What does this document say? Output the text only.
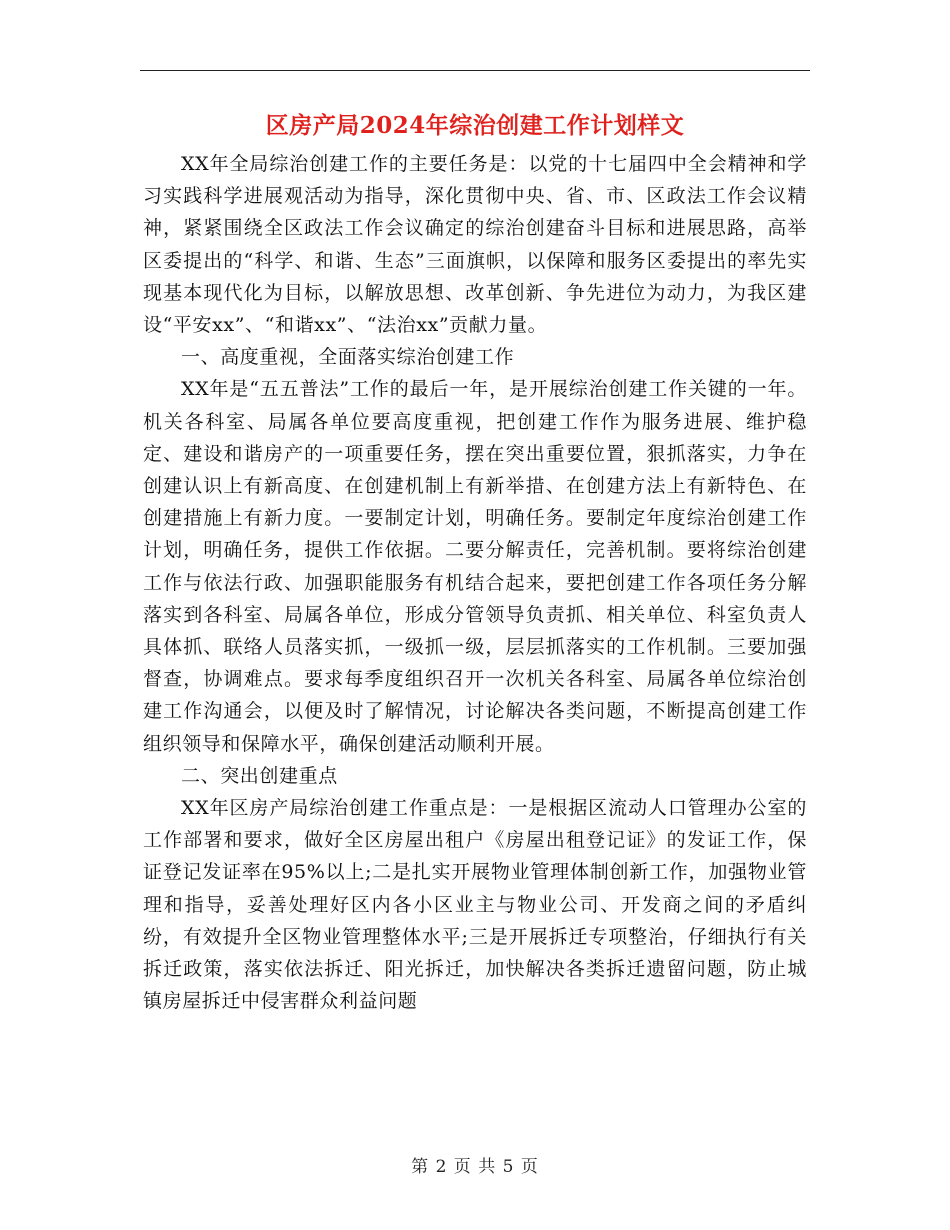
区房产局2024年综治创建工作计划样文

XX年全局综治创建工作的主要任务是：以党的十七届四中全会精神和学习实践科学进展观活动为指导，深化贯彻中央、省、市、区政法工作会议精神，紧紧围绕全区政法工作会议确定的综治创建奋斗目标和进展思路，高举区委提出的“科学、和谐、生态”三面旗帜，以保障和服务区委提出的率先实现基本现代化为目标，以解放思想、改革创新、争先进位为动力，为我区建设“平安xx”、“和谐xx”、“法治xx”贡献力量。

一、高度重视，全面落实综治创建工作

XX年是“五五普法”工作的最后一年，是开展综治创建工作关键的一年。机关各科室、局属各单位要高度重视，把创建工作作为服务进展、维护稳定、建设和谐房产的一项重要任务，摆在突出重要位置，狠抓落实，力争在创建认识上有新高度、在创建机制上有新举措、在创建方法上有新特色、在创建措施上有新力度。一要制定计划，明确任务。要制定年度综治创建工作计划，明确任务，提供工作依据。二要分解责任，完善机制。要将综治创建工作与依法行政、加强职能服务有机结合起来，要把创建工作各项任务分解落实到各科室、局属各单位，形成分管领导负责抓、相关单位、科室负责人具体抓、联络人员落实抓，一级抓一级，层层抓落实的工作机制。三要加强督查，协调难点。要求每季度组织召开一次机关各科室、局属各单位综治创建工作沟通会，以便及时了解情况，讨论解决各类问题，不断提高创建工作组织领导和保障水平，确保创建活动顺利开展。

二、突出创建重点

XX年区房产局综治创建工作重点是：一是根据区流动人口管理办公室的工作部署和要求，做好全区房屋出租户《房屋出租登记证》的发证工作，保证登记发证率在95%以上;二是扎实开展物业管理体制创新工作，加强物业管理和指导，妥善处理好区内各小区业主与物业公司、开发商之间的矛盾纠纷，有效提升全区物业管理整体水平;三是开展拆迁专项整治，仔细执行有关拆迁政策，落实依法拆迁、阳光拆迁，加快解决各类拆迁遗留问题，防止城镇房屋拆迁中侵害群众利益问题

第 2 页 共 5 页
